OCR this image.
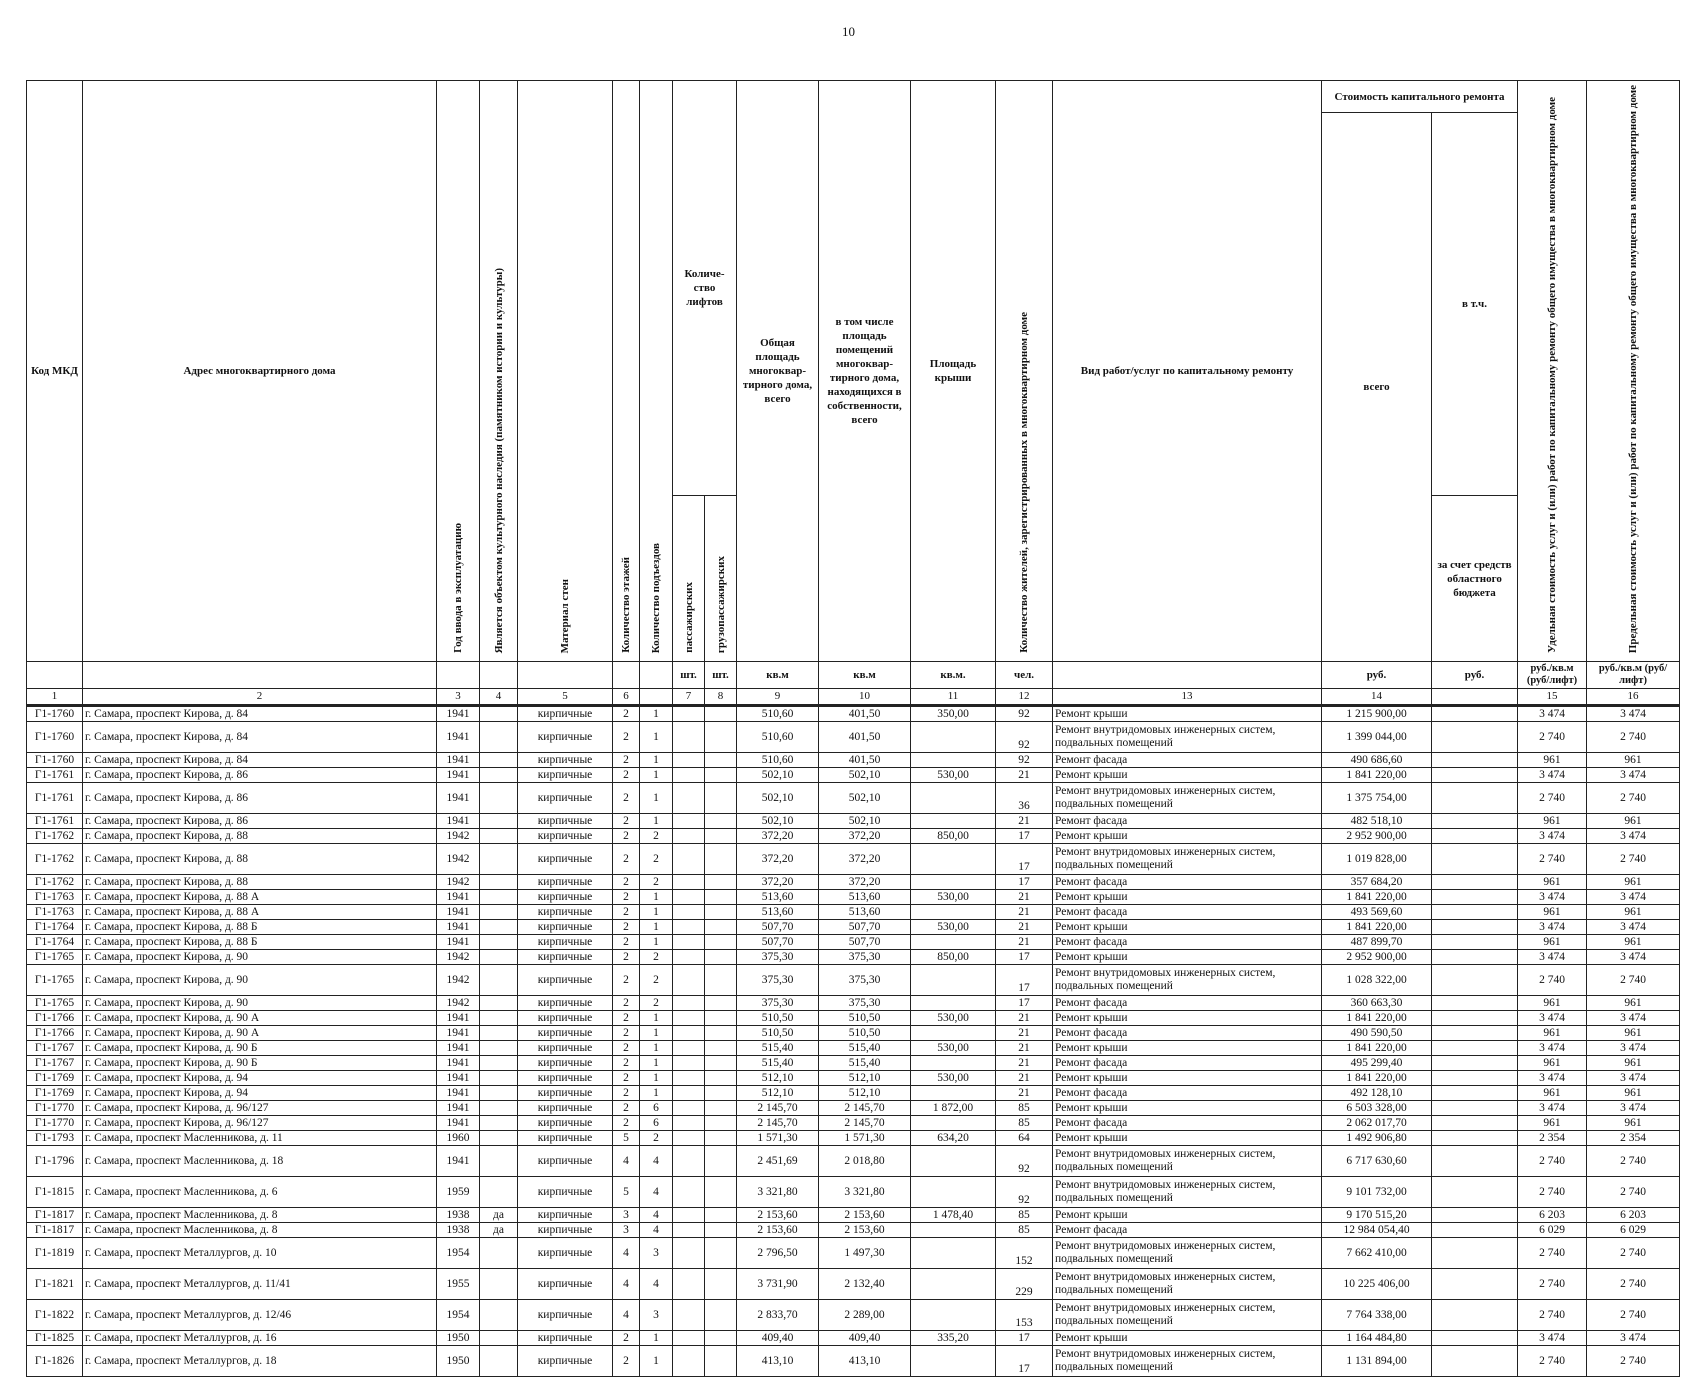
10
Код МКД	Адрес многоквартирного дома	Год ввода в эксплуатацию	Является объектом культурного наследия (памятником истории и культуры)	Материал стен	Количество этажей	Количество подъездов	Количе-ство лифтов		Общая площадь многоквар-тирного дома, всего	в том числе площадь помещений многоквар-тирного дома, находящихся в собственности, всего	Площадь крыши	Количество жителей, зарегистрированных в многоквартирном доме	Вид работ/услуг по капитальному ремонту	Стоимость капитального ремонта		Удельная стоимость услуг и (или) работ по капитальному ремонту общего имущества в многоквартирном доме	Предельная стоимость услуг и (или) работ по капитальному ремонту общего имущества в многоквартирном доме
														всего	в т.ч.		
							пассажирских	грузопассажирских							за счет средств областного бюджета		
							шт.	шт.	кв.м	кв.м	кв.м.	чел.		руб.	руб.	руб./кв.м (руб/лифт)	руб./кв.м (руб/лифт)
1	2	3	4	5	6		7	8	9	10	11	12	13	14		15	16
Г1-1760	г. Самара, проспект Кирова, д. 84	1941		кирпичные	2	1			510,60	401,50	350,00	92	Ремонт крыши	1 215 900,00		3 474	3 474
Г1-1760	г. Самара, проспект Кирова, д. 84	1941		кирпичные	2	1			510,60	401,50		92	Ремонт внутридомовых инженерных систем, подвальных помещений	1 399 044,00		2 740	2 740
Г1-1760	г. Самара, проспект Кирова, д. 84	1941		кирпичные	2	1			510,60	401,50		92	Ремонт фасада	490 686,60		961	961
Г1-1761	г. Самара, проспект Кирова, д. 86	1941		кирпичные	2	1			502,10	502,10	530,00	21	Ремонт крыши	1 841 220,00		3 474	3 474
Г1-1761	г. Самара, проспект Кирова, д. 86	1941		кирпичные	2	1			502,10	502,10		36	Ремонт внутридомовых инженерных систем, подвальных помещений	1 375 754,00		2 740	2 740
Г1-1761	г. Самара, проспект Кирова, д. 86	1941		кирпичные	2	1			502,10	502,10		21	Ремонт фасада	482 518,10		961	961
Г1-1762	г. Самара, проспект Кирова, д. 88	1942		кирпичные	2	2			372,20	372,20	850,00	17	Ремонт крыши	2 952 900,00		3 474	3 474
Г1-1762	г. Самара, проспект Кирова, д. 88	1942		кирпичные	2	2			372,20	372,20		17	Ремонт внутридомовых инженерных систем, подвальных помещений	1 019 828,00		2 740	2 740
Г1-1762	г. Самара, проспект Кирова, д. 88	1942		кирпичные	2	2			372,20	372,20		17	Ремонт фасада	357 684,20		961	961
Г1-1763	г. Самара, проспект Кирова, д. 88 А	1941		кирпичные	2	1			513,60	513,60	530,00	21	Ремонт крыши	1 841 220,00		3 474	3 474
Г1-1763	г. Самара, проспект Кирова, д. 88 А	1941		кирпичные	2	1			513,60	513,60		21	Ремонт фасада	493 569,60		961	961
Г1-1764	г. Самара, проспект Кирова, д. 88 Б	1941		кирпичные	2	1			507,70	507,70	530,00	21	Ремонт крыши	1 841 220,00		3 474	3 474
Г1-1764	г. Самара, проспект Кирова, д. 88 Б	1941		кирпичные	2	1			507,70	507,70		21	Ремонт фасада	487 899,70		961	961
Г1-1765	г. Самара, проспект Кирова, д. 90	1942		кирпичные	2	2			375,30	375,30	850,00	17	Ремонт крыши	2 952 900,00		3 474	3 474
Г1-1765	г. Самара, проспект Кирова, д. 90	1942		кирпичные	2	2			375,30	375,30		17	Ремонт внутридомовых инженерных систем, подвальных помещений	1 028 322,00		2 740	2 740
Г1-1765	г. Самара, проспект Кирова, д. 90	1942		кирпичные	2	2			375,30	375,30		17	Ремонт фасада	360 663,30		961	961
Г1-1766	г. Самара, проспект Кирова, д. 90 А	1941		кирпичные	2	1			510,50	510,50	530,00	21	Ремонт крыши	1 841 220,00		3 474	3 474
Г1-1766	г. Самара, проспект Кирова, д. 90 А	1941		кирпичные	2	1			510,50	510,50		21	Ремонт фасада	490 590,50		961	961
Г1-1767	г. Самара, проспект Кирова, д. 90 Б	1941		кирпичные	2	1			515,40	515,40	530,00	21	Ремонт крыши	1 841 220,00		3 474	3 474
Г1-1767	г. Самара, проспект Кирова, д. 90 Б	1941		кирпичные	2	1			515,40	515,40		21	Ремонт фасада	495 299,40		961	961
Г1-1769	г. Самара, проспект Кирова, д. 94	1941		кирпичные	2	1			512,10	512,10	530,00	21	Ремонт крыши	1 841 220,00		3 474	3 474
Г1-1769	г. Самара, проспект Кирова, д. 94	1941		кирпичные	2	1			512,10	512,10		21	Ремонт фасада	492 128,10		961	961
Г1-1770	г. Самара, проспект Кирова, д. 96/127	1941		кирпичные	2	6			2 145,70	2 145,70	1 872,00	85	Ремонт крыши	6 503 328,00		3 474	3 474
Г1-1770	г. Самара, проспект Кирова, д. 96/127	1941		кирпичные	2	6			2 145,70	2 145,70		85	Ремонт фасада	2 062 017,70		961	961
Г1-1793	г. Самара, проспект Масленникова, д. 11	1960		кирпичные	5	2			1 571,30	1 571,30	634,20	64	Ремонт крыши	1 492 906,80		2 354	2 354
Г1-1796	г. Самара, проспект Масленникова, д. 18	1941		кирпичные	4	4			2 451,69	2 018,80		92	Ремонт внутридомовых инженерных систем, подвальных помещений	6 717 630,60		2 740	2 740
Г1-1815	г. Самара, проспект Масленникова, д. 6	1959		кирпичные	5	4			3 321,80	3 321,80		92	Ремонт внутридомовых инженерных систем, подвальных помещений	9 101 732,00		2 740	2 740
Г1-1817	г. Самара, проспект Масленникова, д. 8	1938	да	кирпичные	3	4			2 153,60	2 153,60	1 478,40	85	Ремонт крыши	9 170 515,20		6 203	6 203
Г1-1817	г. Самара, проспект Масленникова, д. 8	1938	да	кирпичные	3	4			2 153,60	2 153,60		85	Ремонт фасада	12 984 054,40		6 029	6 029
Г1-1819	г. Самара, проспект Металлургов, д. 10	1954		кирпичные	4	3			2 796,50	1 497,30		152	Ремонт внутридомовых инженерных систем, подвальных помещений	7 662 410,00		2 740	2 740
Г1-1821	г. Самара, проспект Металлургов, д. 11/41	1955		кирпичные	4	4			3 731,90	2 132,40		229	Ремонт внутридомовых инженерных систем, подвальных помещений	10 225 406,00		2 740	2 740
Г1-1822	г. Самара, проспект Металлургов, д. 12/46	1954		кирпичные	4	3			2 833,70	2 289,00		153	Ремонт внутридомовых инженерных систем, подвальных помещений	7 764 338,00		2 740	2 740
Г1-1825	г. Самара, проспект Металлургов, д. 16	1950		кирпичные	2	1			409,40	409,40	335,20	17	Ремонт крыши	1 164 484,80		3 474	3 474
Г1-1826	г. Самара, проспект Металлургов, д. 18	1950		кирпичные	2	1			413,10	413,10		17	Ремонт внутридомовых инженерных систем, подвальных помещений	1 131 894,00		2 740	2 740
